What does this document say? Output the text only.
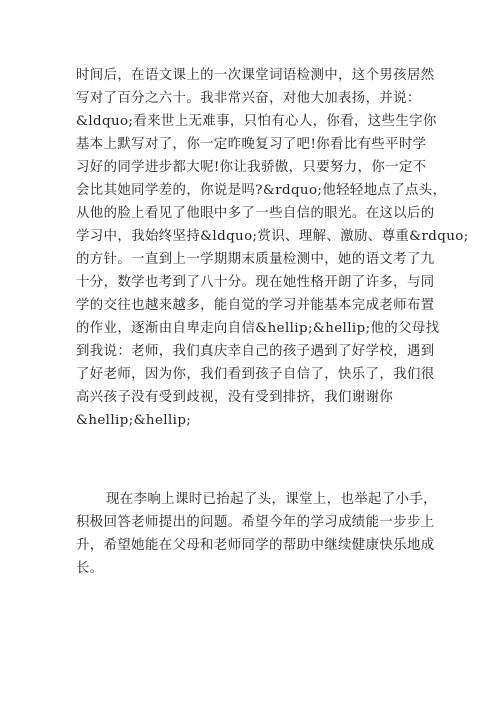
时间后，在语文课上的一次课堂词语检测中，这个男孩居然
写对了百分之六十。我非常兴奋，对他大加表扬，并说：
&ldquo;看来世上无难事，只怕有心人，你看，这些生字你
基本上默写对了，你一定昨晚复习了吧!你看比有些平时学
习好的同学进步都大呢!你让我骄傲，只要努力，你一定不
会比其她同学差的，你说是吗?&rdquo;他轻轻地点了点头，
从他的脸上看见了他眼中多了一些自信的眼光。在这以后的
学习中，我始终坚持&ldquo;赏识、理解、激励、尊重&rdquo;
的方针。一直到上一学期期末质量检测中，她的语文考了九
十分，数学也考到了八十分。现在她性格开朗了许多，与同
学的交往也越来越多，能自觉的学习并能基本完成老师布置
的作业，逐渐由自卑走向自信&hellip;&hellip;他的父母找
到我说：老师，我们真庆幸自己的孩子遇到了好学校，遇到
了好老师，因为你，我们看到孩子自信了，快乐了，我们很
高兴孩子没有受到歧视，没有受到排挤，我们谢谢你
&hellip;&hellip;
现在李响上课时已抬起了头，课堂上，也举起了小手，
积极回答老师提出的问题。希望今年的学习成绩能一步步上
升，希望她能在父母和老师同学的帮助中继续健康快乐地成
长。
